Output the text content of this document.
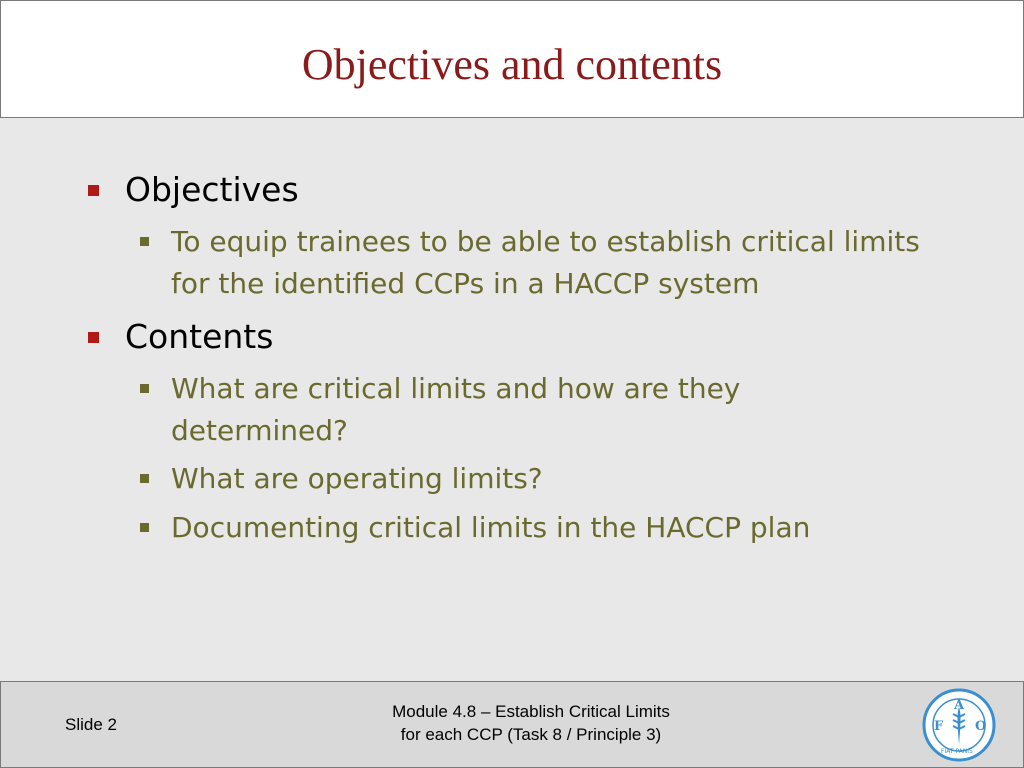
Objectives and contents
Objectives
To equip trainees to be able to establish critical limits for the identified CCPs in a HACCP system
Contents
What are critical limits and how are they determined?
What are operating limits?
Documenting critical limits in the HACCP plan
Slide 2
Module 4.8 – Establish Critical Limits
for each CCP (Task 8 / Principle 3)	F
A
O
FIAT PANIS
